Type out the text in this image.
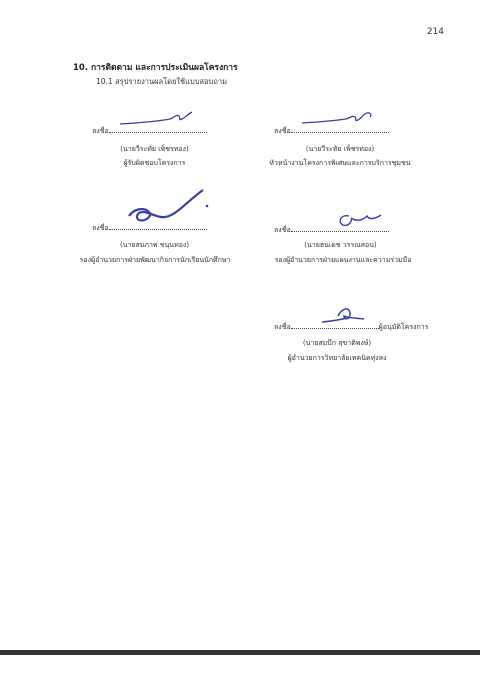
214
10. การติดตาม และการประเมินผลโครงการ
10.1 สรุปรายงานผลโดยใช้แบบสอบถาม
ลงชื่อ
(นายวีระทัย เพ็ชรทอง)
ผู้รับผิดชอบโครงการ
ลงชื่อ
(นายวีระทัย เพ็ชรทอง)
หัวหน้างานโครงการพิเศษและการบริการชุมชน
ลงชื่อ
(นายสมภาพ ชนุนทอง)
รองผู้อำนวยการฝ่ายพัฒนากิจการนักเรียนนักศึกษา
ลงชื่อ
(นายธนเดช วรรณสอน)
รองผู้อำนวยการฝ่ายแผนงานและความร่วมมือ
ลงชื่อ	ผู้อนุมัติโครงการ
(นายสมบึก สุขาติพงษ์)
ผู้อำนวยการวิทยาลัยเทคนิคทุ่งสง
